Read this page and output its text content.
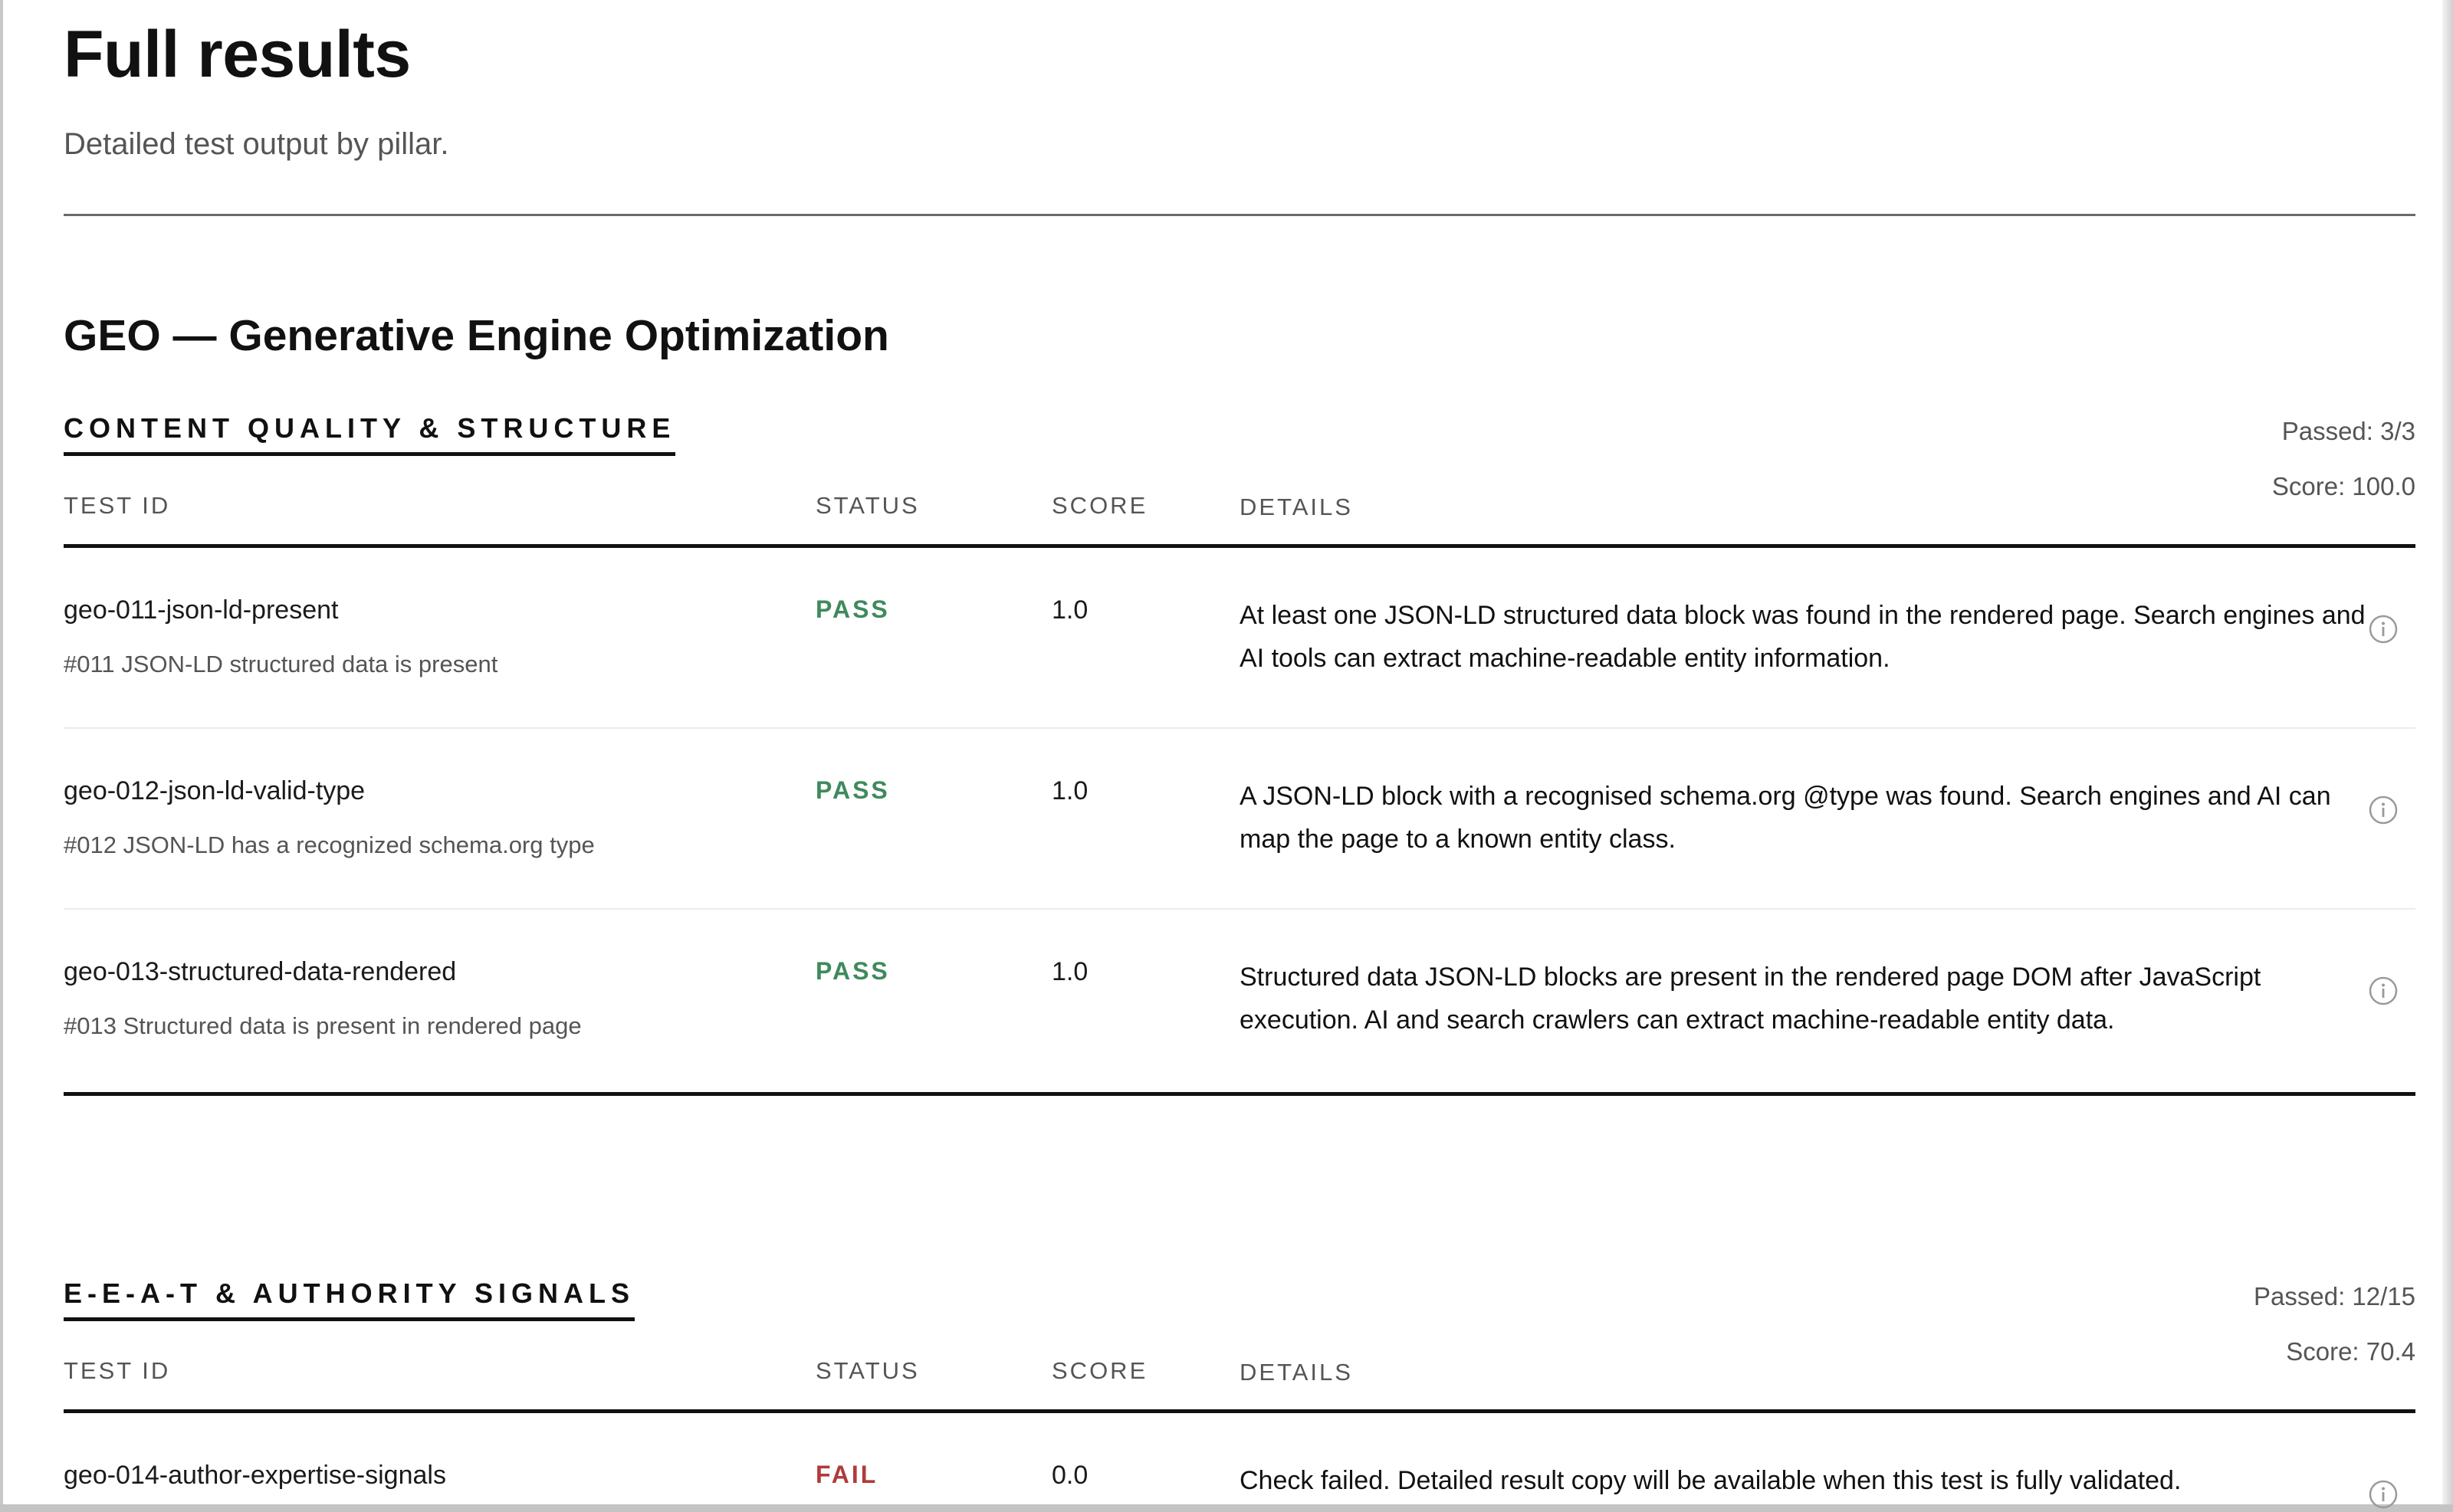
Full results
Detailed test output by pillar.
GEO — Generative Engine Optimization
CONTENT QUALITY & STRUCTURE	Passed: 3/3
Score: 100.0
TEST ID	STATUS	SCORE	DETAILS
geo-011-json-ld-present
#011 JSON-LD structured data is present
PASS	1.0	At least one JSON-LD structured data block was found in the rendered page. Search engines and AI tools can extract machine-readable entity information.
geo-012-json-ld-valid-type
#012 JSON-LD has a recognized schema.org type
PASS	1.0	A JSON-LD block with a recognised schema.org @type was found. Search engines and AI can map the page to a known entity class.
geo-013-structured-data-rendered
#013 Structured data is present in rendered page
PASS	1.0	Structured data JSON-LD blocks are present in the rendered page DOM after JavaScript execution. AI and search crawlers can extract machine-readable entity data.
E-E-A-T & AUTHORITY SIGNALS	Passed: 12/15
Score: 70.4
TEST ID	STATUS	SCORE	DETAILS
geo-014-author-expertise-signals	FAIL	0.0	Check failed. Detailed result copy will be available when this test is fully validated.
